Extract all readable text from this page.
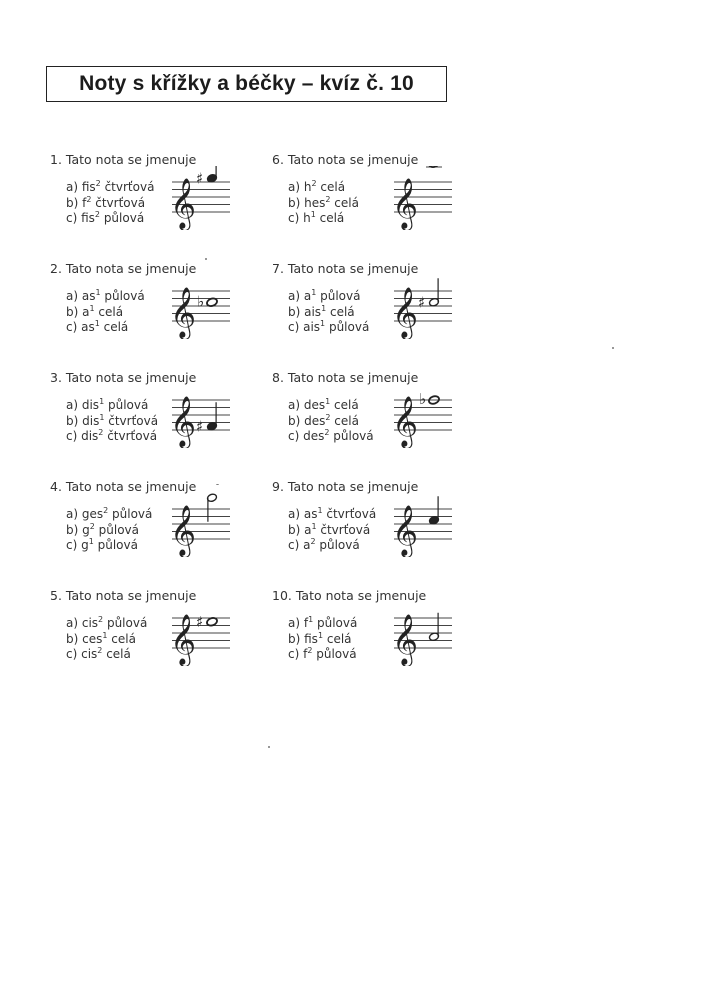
Noty s křížky a béčky – kvíz č. 10
1. Tato nota se jmenuje
a) fis$^2$ čtvrťová
b) $f^2$ čtvrťová
c) fis$^2$ půlová 𝄞 ♯
2. Tato nota se jmenuje
a) $as^1$ půlová
b) $a^1$ celá
c) $as^1$ celá 𝄞 ♭
3. Tato nota se jmenuje
a) dis$^1$ půlová
b) dis$^1$ čtvrťová
c) dis$^2$ čtvrťová 𝄞 ♯
4. Tato nota se jmenuje
a) ges$^2$ půlová
b) $g^2$ půlová
c) $g^1$ půlová 𝄞
5. Tato nota se jmenuje
a) cis$^2$ půlová
b) ces$^1$ celá
c) cis$^2$ celá 𝄞 ♯
6. Tato nota se jmenuje
a) $h^2$ celá
b) hes$^2$ celá
c) $h^1$ celá	𝄞
7. Tato nota se jmenuje
a) $a^1$ půlová
b) ais$^1$ celá
c) ais$^1$ půlová 𝄞 ♯
8. Tato nota se jmenuje
a) des$^1$ celá
b) des$^2$ celá
c) des$^2$ půlová 𝄞 ♭
9. Tato nota se jmenuje
a) $as^1$ čtvrťová
b) $a^1$ čtvrťová
c) $a^2$ půlová 𝄞
10. Tato nota se jmenuje
a) $f^1$ půlová
b) fis$^1$ celá
c) $f^2$ půlová 𝄞
